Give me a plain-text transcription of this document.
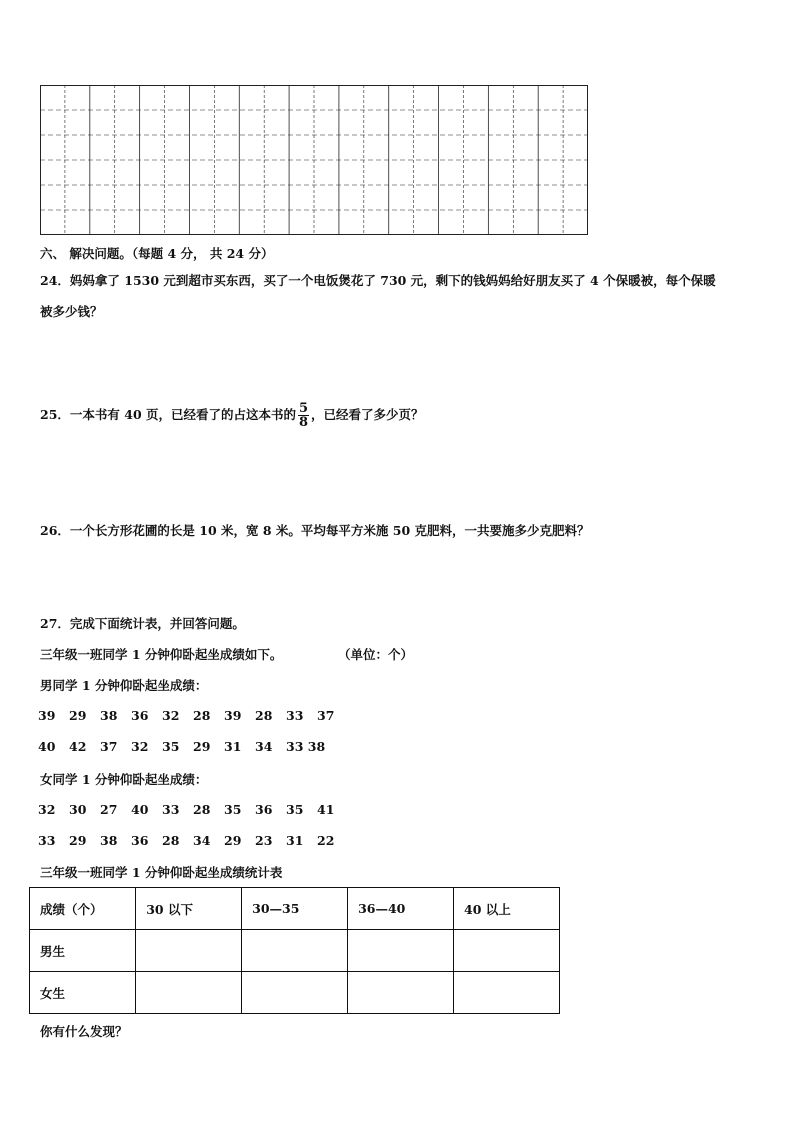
六、 解决问题。（每题 4 分， 共 24 分）
24．妈妈拿了 1530 元到超市买东西，买了一个电饭煲花了 730 元，剩下的钱妈妈给好朋友买了 4 个保暖被，每个保暖
被多少钱？
25．一本书有 40 页，已经看了的占这本书的 $\frac{5}{8}$ ，已经看了多少页？
26．一个长方形花圃的长是 10 米，宽 8 米。平均每平方米施 50 克肥料，一共要施多少克肥料？
27．完成下面统计表，并回答问题。
三年级一班同学 1 分钟仰卧起坐成绩如下。	（单位：个）
男同学 1 分钟仰卧起坐成绩：
39 29 38 36 32 28 39 28 33 37
40 42 37 32 35 29 31 34 33 38
女同学 1 分钟仰卧起坐成绩：
32 30 27 40 33 28 35 36 35 41
33 29 38 36 28 34 29 23 31 22
三年级一班同学 1 分钟仰卧起坐成绩统计表
成绩（个）	30 以下	30—35	36—40	40 以上
男生				
女生				
你有什么发现？
